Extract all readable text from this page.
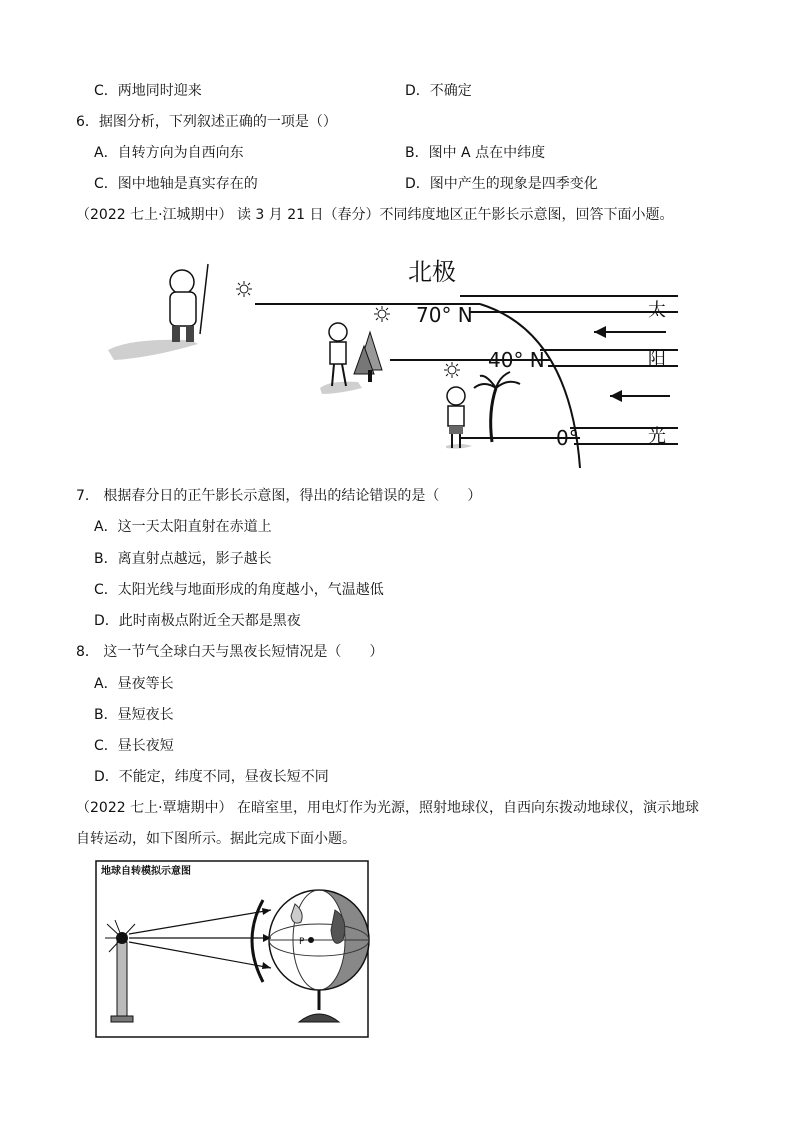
C．两地同时迎来	D．不确定
6．据图分析，下列叙述正确的一项是（）
A．自转方向为自西向东	B．图中 A 点在中纬度
C．图中地轴是真实存在的	D．图中产生的现象是四季变化
（2022 七上·江城期中） 读 3 月 21 日（春分）不同纬度地区正午影长示意图，回答下面小题。
北极
70° N
40° N
0°
太
阳
光
7． 根据春分日的正午影长示意图，得出的结论错误的是（　　）
A．这一天太阳直射在赤道上
B．离直射点越远，影子越长
C．太阳光线与地面形成的角度越小，气温越低
D．此时南极点附近全天都是黑夜
8． 这一节气全球白天与黑夜长短情况是（　　）
A．昼夜等长
B．昼短夜长
C．昼长夜短
D．不能定，纬度不同，昼夜长短不同
（2022 七上·覃塘期中） 在暗室里，用电灯作为光源，照射地球仪，自西向东拨动地球仪，演示地球
自转运动，如下图所示。据此完成下面小题。
地球自转模拟示意图
P
